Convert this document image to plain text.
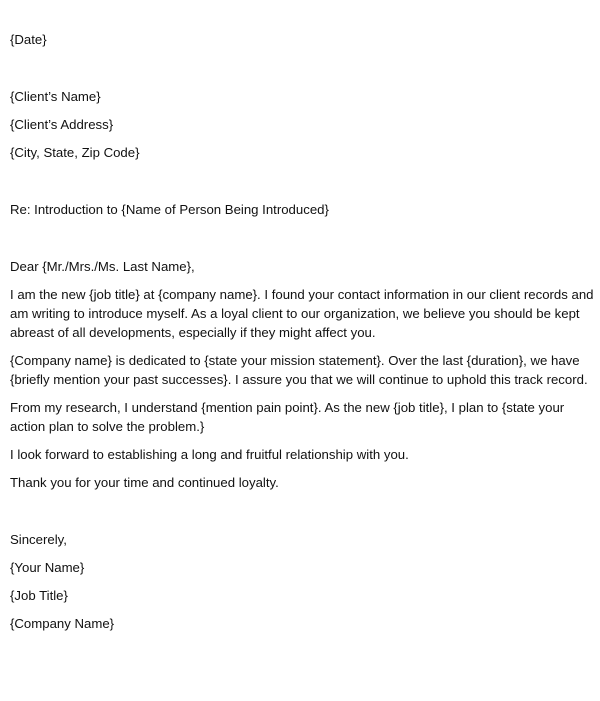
{Date}

{Client’s Name}

{Client’s Address}

{City, State, Zip Code}

Re: Introduction to {Name of Person Being Introduced}

Dear {Mr./Mrs./Ms. Last Name},

I am the new {job title} at {company name}. I found your contact information in our client records and am writing to introduce myself. As a loyal client to our organization, we believe you should be kept abreast of all developments, especially if they might affect you.

{Company name} is dedicated to {state your mission statement}. Over the last {duration}, we have {briefly mention your past successes}. I assure you that we will continue to uphold this track record.

From my research, I understand {mention pain point}. As the new {job title}, I plan to {state your action plan to solve the problem.}

I look forward to establishing a long and fruitful relationship with you.

Thank you for your time and continued loyalty.

Sincerely,

{Your Name}

{Job Title}

{Company Name}
